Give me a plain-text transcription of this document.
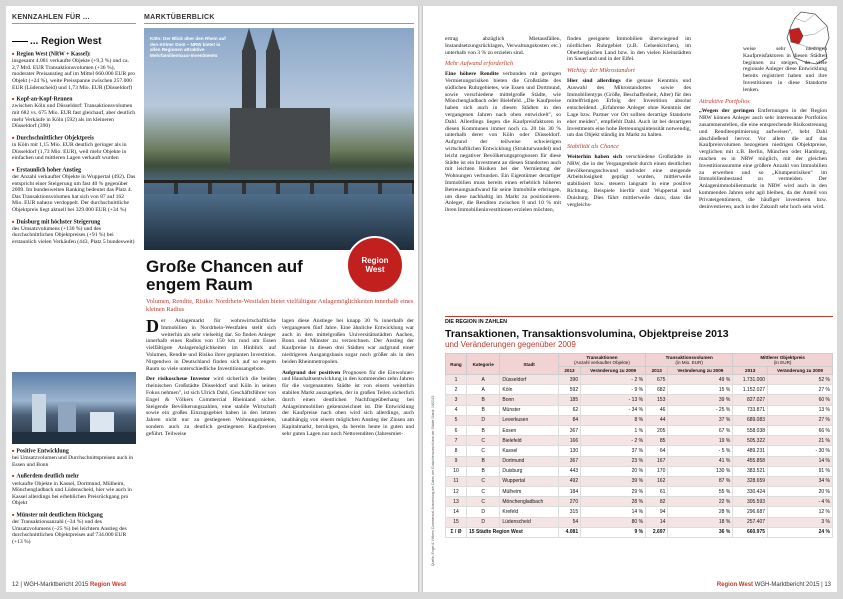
KENNZAHLEN FÜR ...
... Region West
■ Region West (NRW + Kassel):
insgesamt 4.081 verkaufte Objekte (+9,3 %) und ca. 2,7 Mrd. EUR Transaktionsvolumen (+36 %), moderater Preisanstieg auf im Mittel 660.000 EUR pro Objekt (+24 %), weite Preisspanne zwischen 257.000 EUR (Lüdenscheid) und 1,73 Mio. EUR (Düsseldorf)
■ Kopf-an-Kopf-Rennen
zwischen Köln und Düsseldorf: Transaktionsvolumen mit 682 vs. 675 Mio. EUR fast gleichauf, aber deutlich mehr Verkäufe in Köln (592) als im kleineren Düsseldorf (390)
■ Durchschnittlicher Objektpreis
in Köln mit 1,15 Mio. EUR deutlich geringer als in Düsseldorf (1,73 Mio. EUR), weil mehr Objekte in einfachen und mittleren Lagen verkauft wurden
■ Erstaunlich hoher Anstieg
der Anzahl verkaufter Objekte in Wuppertal (492). Das entspricht einer Steigerung um fast 40 % gegenüber 2009. Im bundesweiten Ranking bedeutet das Platz 4. Das Transaktionsvolumen hat sich von 87 auf 162 Mio. EUR nahezu verdoppelt. Der durchschnittliche Objektpreis liegt aktuell bei 329.000 EUR (+34 %)
■ Duisburg mit höchster Steigerung
des Umsatzvolumens (+130 %) und des durchschnittlichen Objektpreises (+91 %) bei erstaunlich vielen Verkäufen (443, Platz 5 bundesweit)
■ Positive Entwicklung
bei Umsatzvolumen und Durchschnittspreisen auch in Essen und Bonn
■ Außerdem deutlich mehr
verkaufte Objekte in Kassel, Dortmund, Mülheim, Mönchengladbach und Lüdenscheid, hier wie auch in Kassel allerdings bei erheblichen Preisrückgang pro Objekt
■ Münster mit deutlichem Rückgang
der Transaktionsanzahl (–34 %) und des Umsatzvolumens (–25 %) bei leichtem Anstieg des durchschnittlichen Objektpreises auf 734.000 EUR (+13 %)
MARKTÜBERBLICK
Köln: Der Blick über den Rhein auf den Kölner Dom – NRW bietet in allen Regionen attraktive Mehrfamilienhaus-Investments
Region
West
Große Chancen auf engem Raum
Volumen, Rendite, Risiko: Nordrhein-Westfalen bietet vielfältigste Anlagemöglichkeiten innerhalb eines kleinen Radius
Der Anlagemarkt für wohnwirtschaftliche Immobilien in Nordrhein-Westfalen stellt sich weiterhin als sehr vielseitig dar. So finden Anleger innerhalb eines Radius von 150 km rund um Essen vielfältigste Anlagemöglichkeiten im Hinblick auf Volumen, Rendite und Risiko ihrer geplanten Investition. Nirgendwo in Deutschland finden sich auf so engem Raum so viele unterschiedliche Investitionsangebote.

Der risikoscheue Investor wird sicherlich die beiden rheinischen Großstädte Düsseldorf und Köln in seinen Fokus nehmen", ist sich Ulrich Dahl, Geschäftsführer von Engel & Völkers Commercial Rheinland sicher. Steigende Bevölkerungszahlen, eine stabile Wirtschaft sowie ein großes Einzugsgebiet haben in den letzten Jahren nicht nur zu gestiegenen Wohnungsmieten, sondern auch zu deutlich gestiegenen Kaufpreisen geführt. Teilweise

lagen diese Anstiege bei knapp 30 % innerhalb der vergangenen fünf Jahre. Eine ähnliche Entwicklung war auch in den mittelgroßen Universitätsstädten Aachen, Bonn und Münster zu verzeichnen. Der Anstieg der Kaufpreise in diesen drei Städten war aufgrund einer niedrigeren Ausgangsbasis sogar noch größer als in den beiden Rheinmetropolen.

Aufgrund der positiven Prognosen für die Einwohner- und Haushaltsentwicklung in den kommenden zehn Jahren für die vorgenannten Städte ist von einem weiterhin stabilen Markt auszugehen, der in großen Teilen sicherlich durch einen deutlichen Nachfrageüberhang bei Anlageimmobilien gekennzeichnet ist. Die Entwicklung der Kaufpreise nach oben wird sich allerdings, auch unabhängig von einem möglichen Anstieg der Zinsen am Kapitalmarkt, beruhigen, da bereits heute in guten und sehr guten Lagen nur noch Nettorenditen (Jahresmiet-

12 | WGH-Marktbericht 2015 Region West
ertrag abzüglich Mietausfällen, Instandsetzungsrücklagen, Verwaltungskosten etc.) unterhalb von 3 % zu erzielen sind.
Mehr Aufwand erforderlich
Eine höhere Rendite verbunden mit geringen Vermietungsrisiken bieten die Großstädte des südlichen Ruhrgebietes, wie Essen und Dortmund, sowie verschiedene mittelgroße Städte, wie Mönchengladbach oder Bielefeld. „Die Kaufpreise haben sich auch in diesen Städten in den vergangenen Jahren nach oben entwickelt", so Dahl. Allerdings liegen die Kaufpreisfaktoren in diesen Kommunen immer noch ca. 20 bis 30 % unterhalb derer von Köln oder Düsseldorf. Aufgrund der teilweise schwierigen wirtschaftlichen Entwicklung (Strukturwandel) und leicht negativer Bevölkerungsprognosen für diese Städte ist ein Investment an diesen Standorten auch mit leichten Risiken bei der Vermietung der Wohnungen verbunden. Ein Eigentümer derartiger Immobilien muss bereits einen erheblich höheren Betreuungsaufwand für seine Immobilie erbringen, um diese nachhaltig im Markt zu positionieren. Anleger, die Renditen zwischen 8 und 10 % mit ihren Immobilieninvestitionen erzielen möchten,
finden geeignete Immobilien überwiegend im nördlichen Ruhrgebiet (z.B. Gelsenkirchen), im Oberbergischen Land bzw. in den vielen Kleinstädten im Sauerland und in der Eifel.
Wichtig: der Mikrostandort
Hier sind allerdings die genaue Kenntnis und Auswahl des Mikrostandortes sowie des Immobilientyps (Größe, Beschaffenheit, Alter) für den mittelfristigen Erfolg der Investition absolut entscheidend. „Erfahrene Anleger ohne Kenntnis der Lage bzw. Partner vor Ort sollten derartige Standorte eher meiden", empfiehlt Dahl. Auch ist bei derartigen Investments eine hohe Betreuungsintensität notwendig, um das Objekt ständig im Markt zu halten.
Stabilität als Chance
Weiterhin haben sich verschiedene Großstädte in NRW, die in der Vergangenheit durch einen deutlichen Bevölkerungsschwund und/oder eine steigende Arbeitslosigkeit geprägt wurden, mittlerweile stabilisiert bzw. steuern langsam in eine positive Richtung. Beispiele hierfür sind Wuppertal und Duisburg. Dies führt mittlerweile dazu, dass die vergleichs-
weise sehr niedrigen Kaufpreisfaktoren in diesen Städten beginnen zu steigen, da viele regionale Anleger diese Entwicklung bereits registriert haben und ihre Investitionen in diese Standorte lenken.
Attraktive Portfolios
„Wegen der geringen Entfernungen in der Region NRW können Anleger auch sehr interessante Portfolios zusammenstellen, die eine entsprechende Risikostreuung und Renditeoptimierung aufweisen", hebt Dahl abschließend hervor. Vor allem die auf das Kaufpreisvolumen bezogenen niedrigen Objektpreise, verglichen mit z.B. Berlin, München oder Hamburg, machen es in NRW möglich, mit der gleichen Investitionssumme eine größere Anzahl von Immobilien zu erwerben und so „Klumpenrisiken" im Immobilienbestand zu vermeiden. Der Anlagenimmobilienmarkt in NRW wird auch in den kommenden Jahren sehr agil bleiben, da der Anteil von Privateigentümern, die häufiger investieren bzw. desinvestieren, auch in der Zukunft sehr hoch sein wird.
Quelle: Engel & Völkers Commercial; Auswertung der Daten der Gutachterausschüsse der Städte Stand: 04/2015
DIE REGION IN ZAHLEN
Transaktionen, Transaktionsvolumina, Objektpreise 2013
und Veränderungen gegenüber 2009
Rang	Kategorie	Stadt	Transaktionen
(Anzahl verkaufter Objekte)		Transaktionsvolumen
(in Mio. EUR)		Mittlerer Objektpreis
(in EUR)	
			2013	Veränderung zu 2009	2013	Veränderung zu 2009	2013	Veränderung zu 2009
1	A	Düsseldorf	390	- 2 %	675	49 %	1.731.000	52 %
2	A	Köln	592	- 9 %	682	15 %	1.152.027	27 %
3	B	Bonn	185	- 13 %	153	39 %	827.027	60 %
4	B	Münster	62	- 34 %	46	- 25 %	733.871	13 %
5	D	Leverkusen	84	8 %	44	37 %	689.083	27 %
6	B	Essen	367	1 %	205	67 %	558.038	66 %
7	C	Bielefeld	166	- 2 %	85	19 %	505.322	21 %
8	C	Kassel	130	37 %	64	- 5 %	489.231	- 30 %
9	B	Dortmund	367	23 %	167	41 %	455.858	14 %
10	B	Duisburg	443	20 %	170	130 %	383.521	91 %
11	C	Wuppertal	492	39 %	162	87 %	328.659	34 %
12	C	Mülheim	184	29 %	61	55 %	330.424	20 %
13	C	Mönchengladbach	270	28 %	82	22 %	305.593	- 4 %
14	D	Krefeld	315	14 %	94	28 %	296.687	12 %
15	D	Lüdenscheid	54	80 %	14	18 %	257.407	3 %
Σ / Ø	15 Städte Region West		4.081	9 %	2.697	36 %	660.975	24 %
Region West WGH-Marktbericht 2015 | 13
